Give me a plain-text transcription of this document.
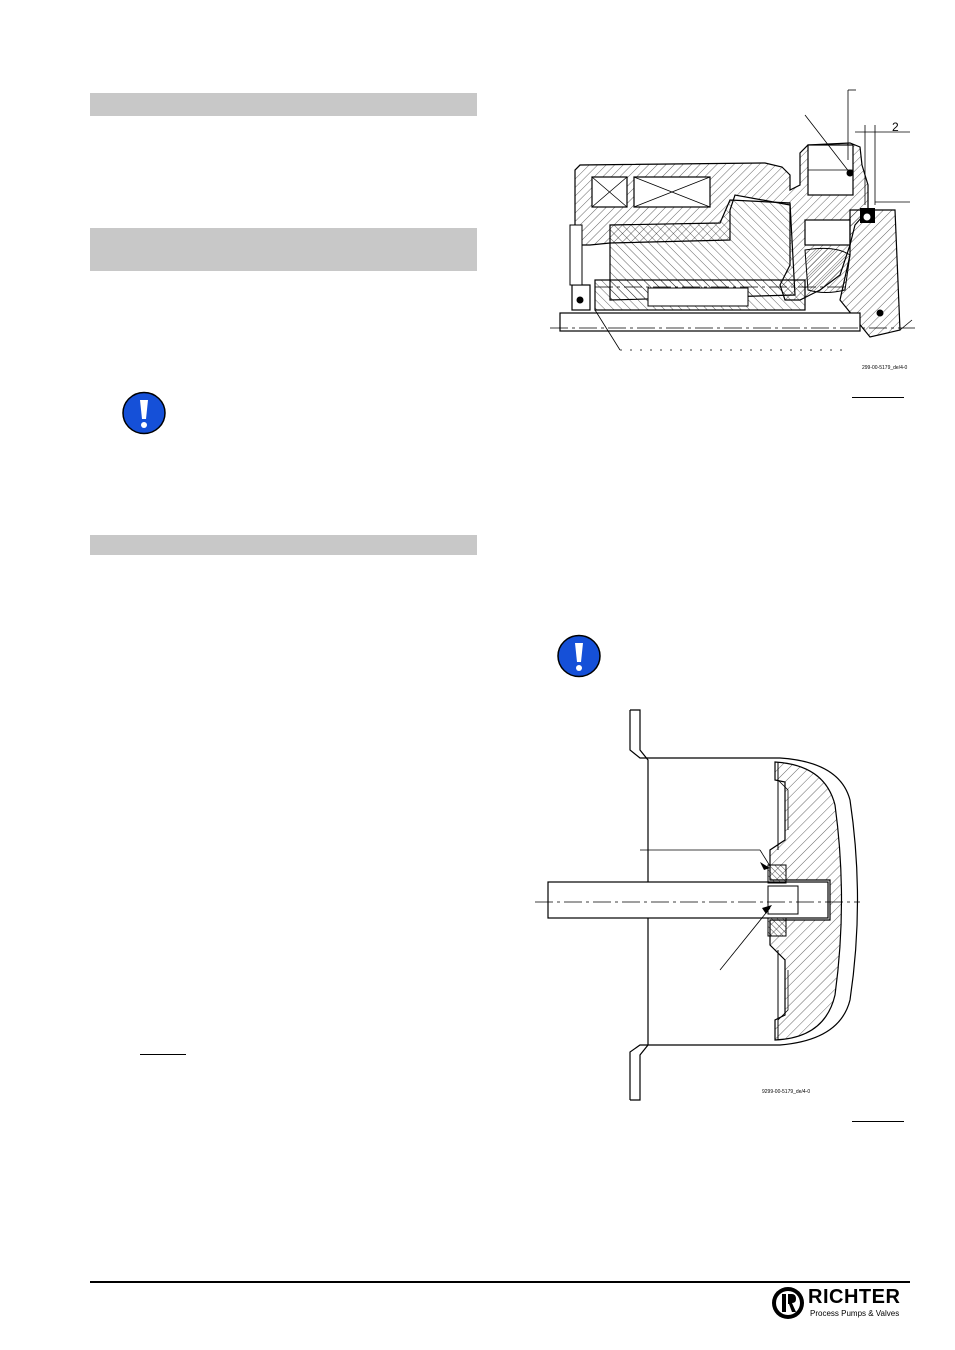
2
299-00-5179_de/4-0
9299-00-5179_de/4-0
RICHTER
Process Pumps & Valves
